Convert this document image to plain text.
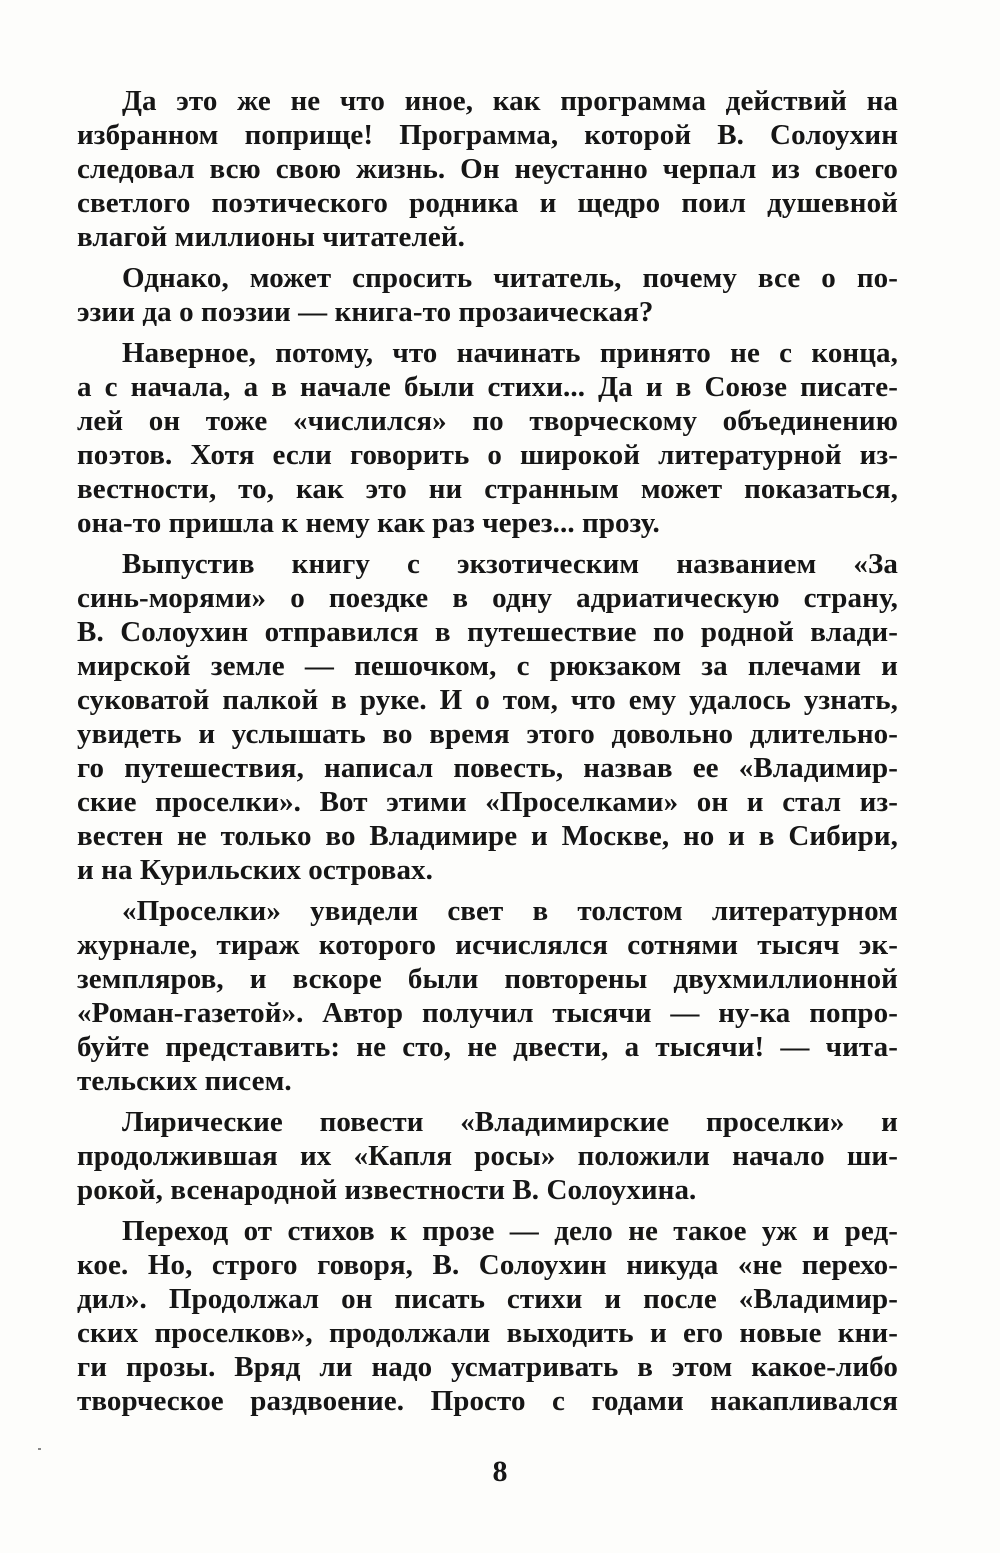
Да это же не что иное, как программа действий на
избранном поприще! Программа, которой В. Солоухин
следовал всю свою жизнь. Он неустанно черпал из своего
светлого поэтического родника и щедро поил душевной
влагой миллионы читателей.
Однако, может спросить читатель, почему все о по-
эзии да о поэзии — книга-то прозаическая?
Наверное, потому, что начинать принято не с конца,
а с начала, а в начале были стихи... Да и в Союзе писате-
лей он тоже «числился» по творческому объединению
поэтов. Хотя если говорить о широкой литературной из-
вестности, то, как это ни странным может показаться,
она-то пришла к нему как раз через... прозу.
Выпустив книгу с экзотическим названием «За
синь-морями» о поездке в одну адриатическую страну,
В. Солоухин отправился в путешествие по родной влади-
мирской земле — пешочком, с рюкзаком за плечами и
суковатой палкой в руке. И о том, что ему удалось узнать,
увидеть и услышать во время этого довольно длительно-
го путешествия, написал повесть, назвав ее «Владимир-
ские проселки». Вот этими «Проселками» он и стал из-
вестен не только во Владимире и Москве, но и в Сибири,
и на Курильских островах.
«Проселки» увидели свет в толстом литературном
журнале, тираж которого исчислялся сотнями тысяч эк-
земпляров, и вскоре были повторены двухмиллионной
«Роман-газетой». Автор получил тысячи — ну-ка попро-
буйте представить: не сто, не двести, а тысячи! — чита-
тельских писем.
Лирические повести «Владимирские проселки» и
продолжившая их «Капля росы» положили начало ши-
рокой, всенародной известности В. Солоухина.
Переход от стихов к прозе — дело не такое уж и ред-
кое. Но, строго говоря, В. Солоухин никуда «не перехо-
дил». Продолжал он писать стихи и после «Владимир-
ских проселков», продолжали выходить и его новые кни-
ги прозы. Вряд ли надо усматривать в этом какое-либо
творческое раздвоение. Просто с годами накапливался
8
